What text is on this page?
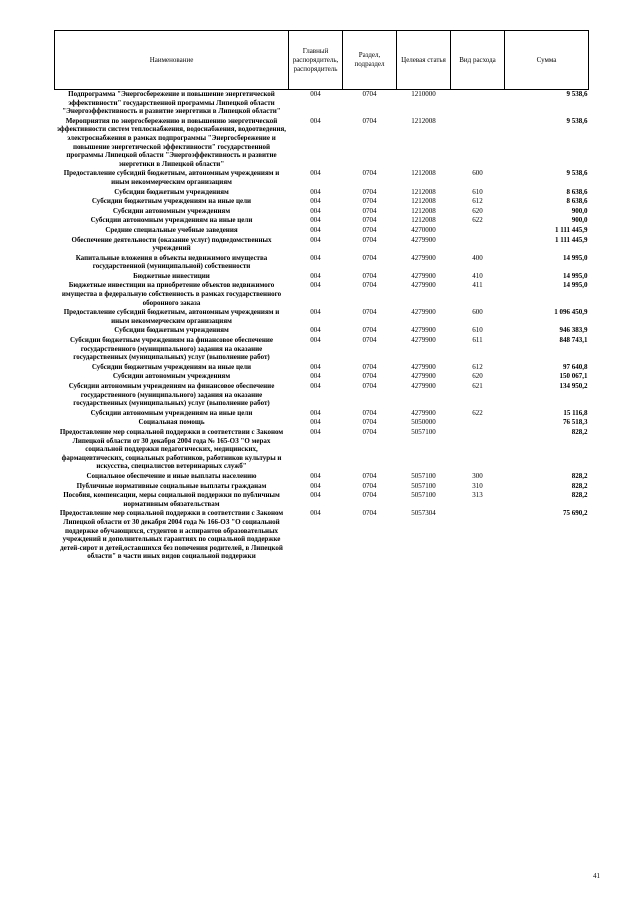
Наименование	Главный распорядитель, распорядитель	Раздел, подраздел	Целевая статья	Вид расхода	Сумма
Подпрограмма "Энергосбережение и повышение энергетической эффективности" государственной программы Липецкой области "Энергоэффективность и развитие энергетики в Липецкой области"	004	0704	1210000		9 538,6
Мероприятия по энергосбережению и повышению энергетической эффективности систем теплоснабжения, водоснабжения, водоотведения, электроснабжения в рамках подпрограммы "Энергосбережение и повышение энергетической эффективности" государственной программы Липецкой области "Энергоэффективность и развитие энергетики в Липецкой области"	004	0704	1212008		9 538,6
Предоставление субсидий бюджетным, автономным учреждениям и иным некоммерческим организациям	004	0704	1212008	600	9 538,6
Субсидии бюджетным учреждениям	004	0704	1212008	610	8 638,6
Субсидии бюджетным учреждениям на иные цели	004	0704	1212008	612	8 638,6
Субсидии автономным учреждениям	004	0704	1212008	620	900,0
Субсидии автономным учреждениям на иные цели	004	0704	1212008	622	900,0
Средние специальные учебные заведения	004	0704	4270000		1 111 445,9
Обеспечение деятельности (оказание услуг) подведомственных учреждений	004	0704	4279900		1 111 445,9
Капитальные вложения в объекты недвижимого имущества государственной (муниципальной) собственности	004	0704	4279900	400	14 995,0
Бюджетные инвестиции	004	0704	4279900	410	14 995,0
Бюджетные инвестиции на приобретение объектов недвижимого имущества в федеральную собственность в рамках государственного оборонного заказа	004	0704	4279900	411	14 995,0
Предоставление субсидий бюджетным, автономным учреждениям и иным некоммерческим организациям	004	0704	4279900	600	1 096 450,9
Субсидии бюджетным учреждениям	004	0704	4279900	610	946 383,9
Субсидии бюджетным учреждениям на финансовое обеспечение государственного (муниципального) задания на оказание государственных (муниципальных) услуг (выполнение работ)	004	0704	4279900	611	848 743,1
Субсидии бюджетным учреждениям на иные цели	004	0704	4279900	612	97 640,8
Субсидии автономным учреждениям	004	0704	4279900	620	150 067,1
Субсидии автономным учреждениям на финансовое обеспечение государственного (муниципального) задания на оказание государственных (муниципальных) услуг (выполнение работ)	004	0704	4279900	621	134 950,2
Субсидии автономным учреждениям на иные цели	004	0704	4279900	622	15 116,8
Социальная помощь	004	0704	5050000		76 518,3
Предоставление мер социальной поддержки в соответствии с Законом Липецкой области от 30 декабря 2004 года № 165-ОЗ "О мерах социальной поддержки педагогических, медицинских, фармацевтических, социальных работников, работников культуры и искусства, специалистов ветеринарных служб"	004	0704	5057100		828,2
Социальное обеспечение и иные выплаты населению	004	0704	5057100	300	828,2
Публичные нормативные социальные выплаты гражданам	004	0704	5057100	310	828,2
Пособия, компенсации, меры социальной поддержки по публичным нормативным обязательствам	004	0704	5057100	313	828,2
Предоставление мер социальной поддержки в соответствии с Законом Липецкой области от 30 декабря 2004 года № 166-ОЗ "О социальной поддержке обучающихся, студентов и аспирантов образовательных учреждений и дополнительных гарантиях по социальной поддержке детей-сирот и детей,оставшихся без попечения родителей, в Липецкой области" в части иных видов социальной поддержки	004	0704	5057304		75 690,2
41
